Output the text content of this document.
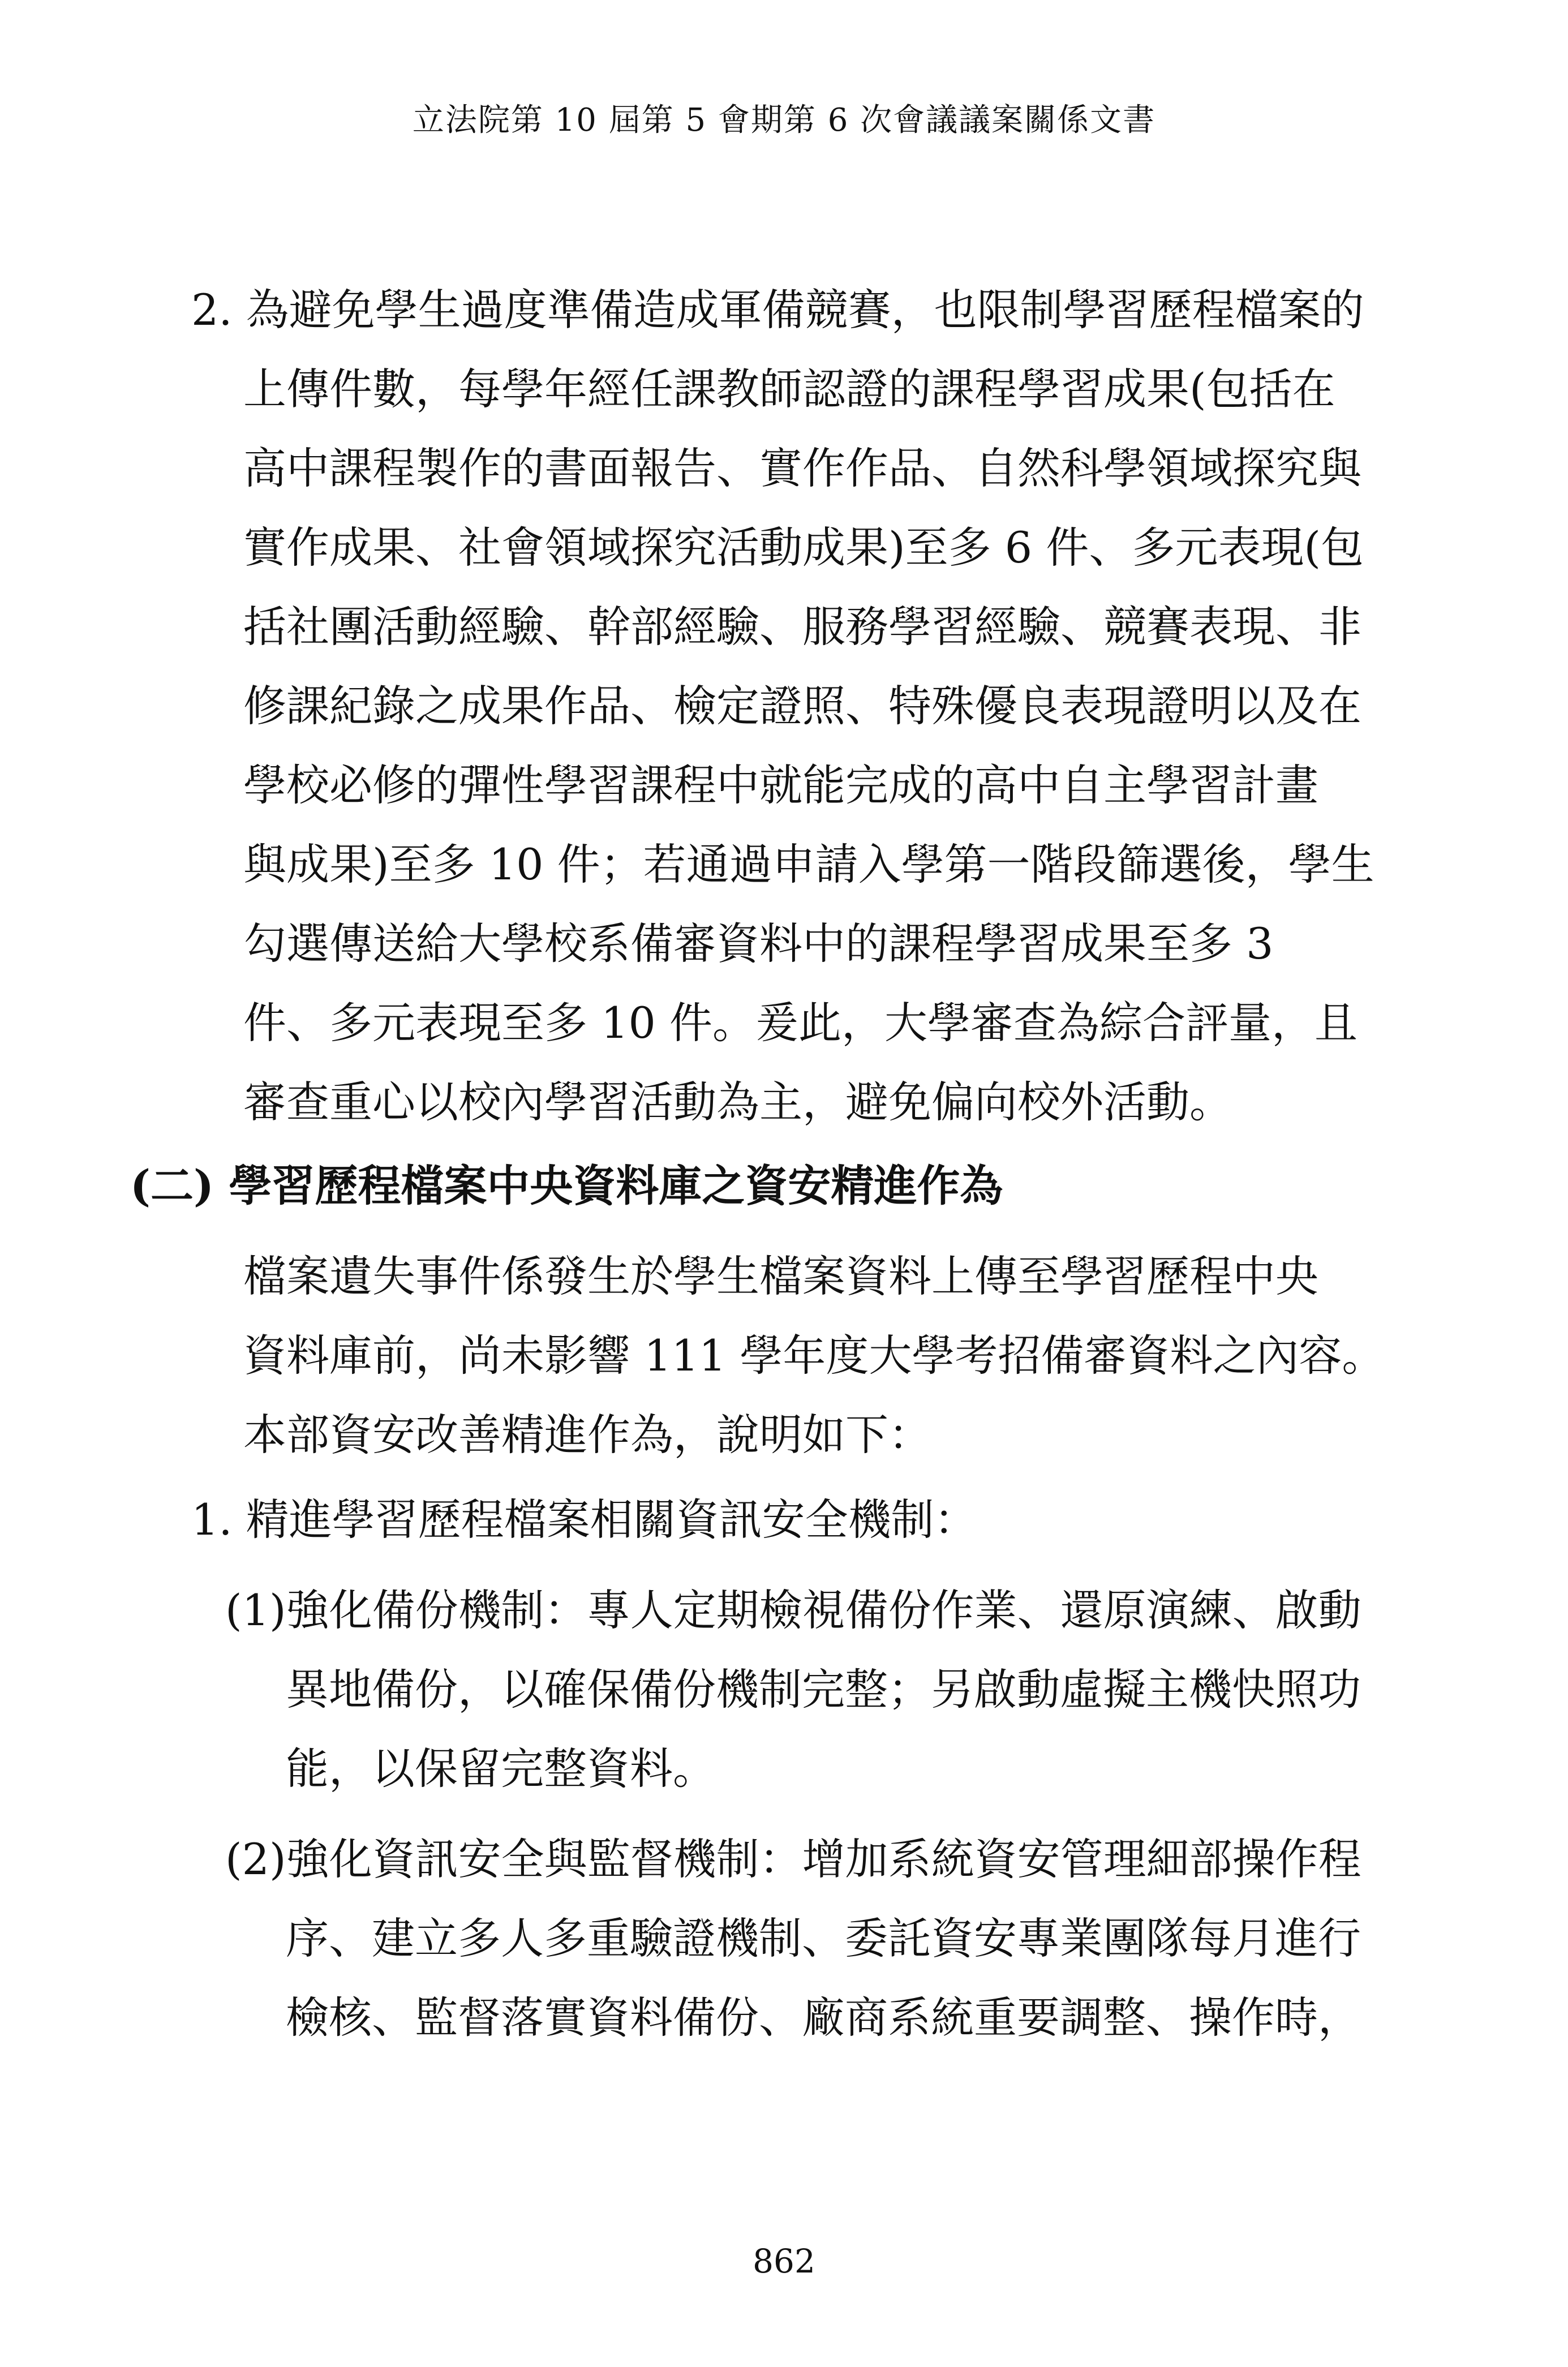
立法院第 10 屆第 5 會期第 6 次會議議案關係文書
2. 為避免學生過度準備造成軍備競賽，也限制學習歷程檔案的
上傳件數，每學年經任課教師認證的課程學習成果(包括在
高中課程製作的書面報告、實作作品、自然科學領域探究與
實作成果、社會領域探究活動成果)至多 6 件、多元表現(包
括社團活動經驗、幹部經驗、服務學習經驗、競賽表現、非
修課紀錄之成果作品、檢定證照、特殊優良表現證明以及在
學校必修的彈性學習課程中就能完成的高中自主學習計畫
與成果)至多 10 件；若通過申請入學第一階段篩選後，學生
勾選傳送給大學校系備審資料中的課程學習成果至多 3
件、多元表現至多 10 件。爰此，大學審查為綜合評量，且
審查重心以校內學習活動為主，避免偏向校外活動。
(二) 學習歷程檔案中央資料庫之資安精進作為
檔案遺失事件係發生於學生檔案資料上傳至學習歷程中央
資料庫前，尚未影響 111 學年度大學考招備審資料之內容。
本部資安改善精進作為，說明如下：
1. 精進學習歷程檔案相關資訊安全機制：
(1)強化備份機制：專人定期檢視備份作業、還原演練、啟動
異地備份，以確保備份機制完整；另啟動虛擬主機快照功
能，以保留完整資料。
(2)強化資訊安全與監督機制：增加系統資安管理細部操作程
序、建立多人多重驗證機制、委託資安專業團隊每月進行
檢核、監督落實資料備份、廠商系統重要調整、操作時，
862
